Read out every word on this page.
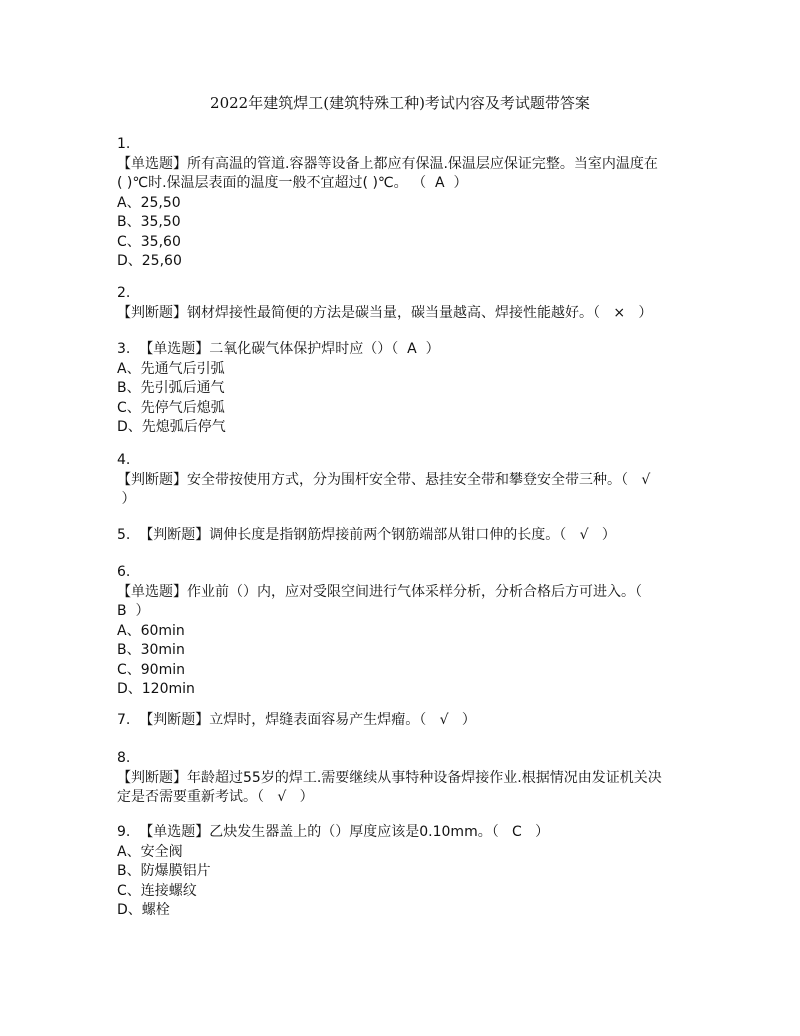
2022年建筑焊工(建筑特殊工种)考试内容及考试题带答案
1.
【单选题】所有高温的管道.容器等设备上都应有保温.保温层应保证完整。当室内温度在
( )℃时.保温层表面的温度一般不宜超过( )℃。 （  A  ）
A、25,50
B、35,50
C、35,60
D、25,60
2.
【判断题】钢材焊接性最简便的方法是碳当量，碳当量越高、焊接性能越好。（   ×   ）
3.  【单选题】二氧化碳气体保护焊时应（）（  A  ）
A、先通气后引弧
B、先引弧后通气
C、先停气后熄弧
D、先熄弧后停气
4.
【判断题】安全带按使用方式，分为围杆安全带、悬挂安全带和攀登安全带三种。（   √
）
5.  【判断题】调伸长度是指钢筋焊接前两个钢筋端部从钳口伸的长度。（   √   ）
6.
【单选题】作业前（）内，应对受限空间进行气体采样分析，分析合格后方可进入。（
B  ）
A、60min
B、30min
C、90min
D、120min
7.  【判断题】立焊时，焊缝表面容易产生焊瘤。（   √   ）
8.
【判断题】年龄超过55岁的焊工.需要继续从事特种设备焊接作业.根据情况由发证机关决
定是否需要重新考试。（   √   ）
9.  【单选题】乙炔发生器盖上的（）厚度应该是0.10mm。（   C   ）
A、安全阀
B、防爆膜铝片
C、连接螺纹
D、螺栓
